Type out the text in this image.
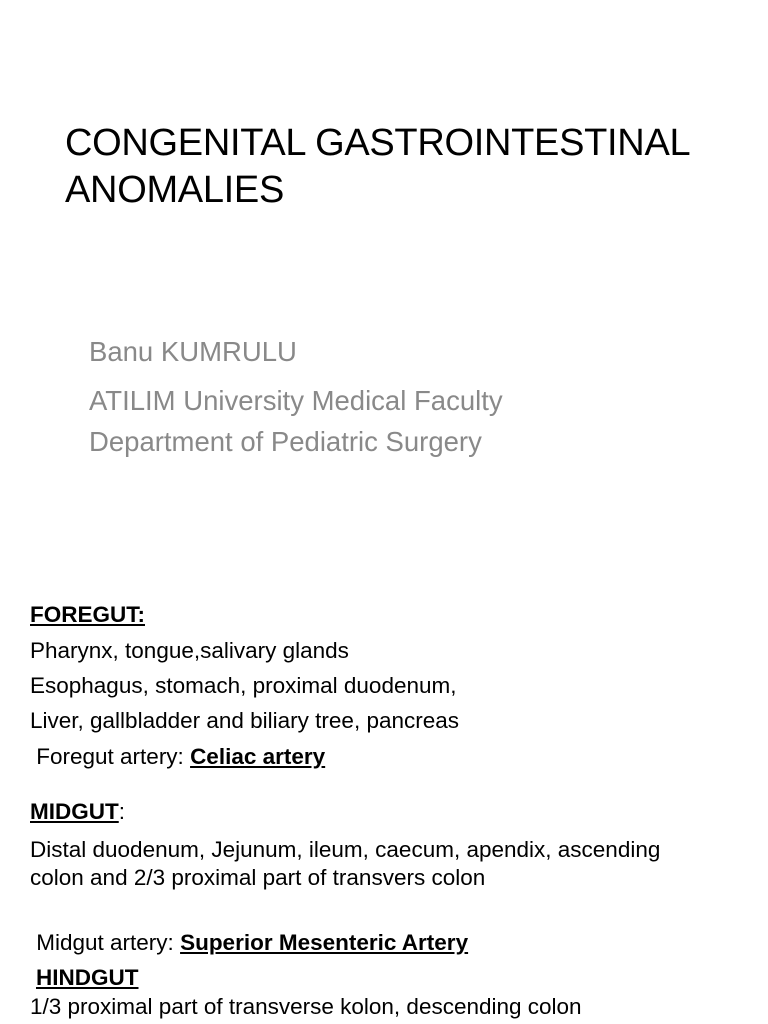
CONGENITAL GASTROINTESTINAL
ANOMALIES

Banu KUMRULU

ATILIM University Medical Faculty
Department of Pediatric Surgery

FOREGUT:

Pharynx, tongue,salivary glands

Esophagus, stomach, proximal duodenum,

Liver, gallbladder and biliary tree, pancreas

Foregut artery: Celiac artery

MIDGUT:

Distal duodenum, Jejunum, ileum, caecum, apendix, ascending colon and 2/3 proximal part of transvers colon

Midgut artery: Superior Mesenteric Artery

HINDGUT

1/3 proximal part of transverse kolon, descending colon
